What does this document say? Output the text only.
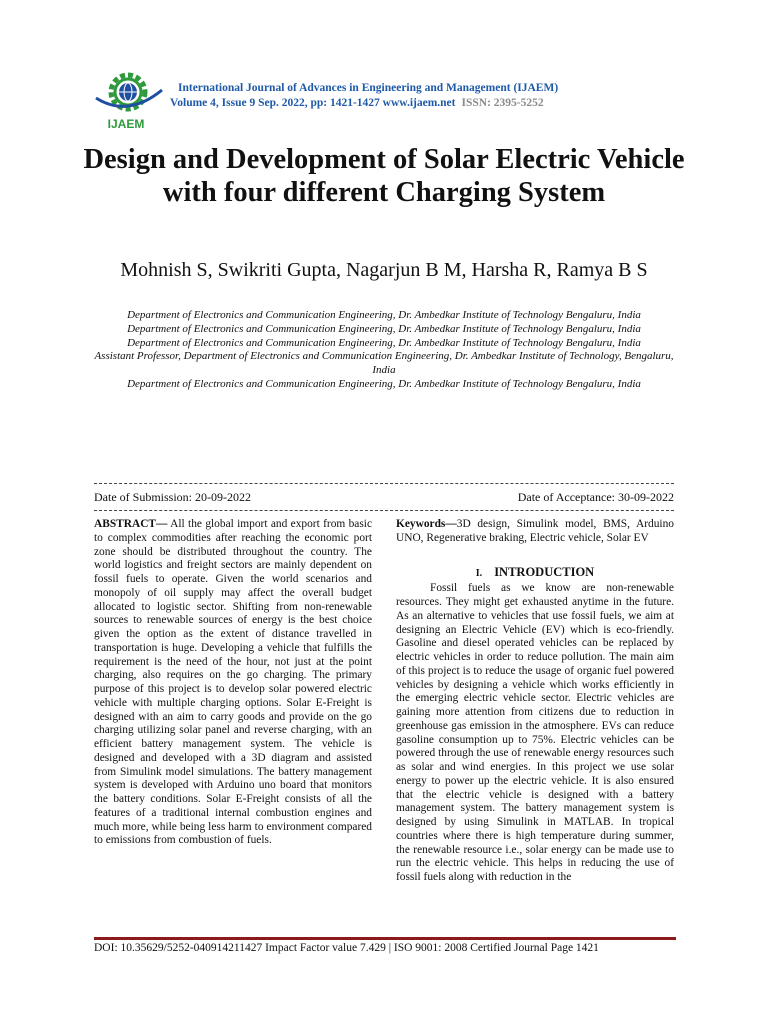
IJAEM
International Journal of Advances in Engineering and Management (IJAEM)
Volume 4, Issue 9 Sep. 2022, pp: 1421-1427 www.ijaem.net ISSN: 2395-5252
Design and Development of Solar Electric Vehicle with four different Charging System
Mohnish S, Swikriti Gupta, Nagarjun B M, Harsha R, Ramya B S

Department of Electronics and Communication Engineering, Dr. Ambedkar Institute of Technology Bengaluru, India

Department of Electronics and Communication Engineering, Dr. Ambedkar Institute of Technology Bengaluru, India

Department of Electronics and Communication Engineering, Dr. Ambedkar Institute of Technology Bengaluru, India

Assistant Professor, Department of Electronics and Communication Engineering, Dr. Ambedkar Institute of Technology, Bengaluru, India

Department of Electronics and Communication Engineering, Dr. Ambedkar Institute of Technology Bengaluru, India

Date of Submission: 20-09-2022	Date of Acceptance: 30-09-2022

ABSTRACT— All the global import and export from basic to complex commodities after reaching the economic port zone should be distributed throughout the country. The world logistics and freight sectors are mainly dependent on fossil fuels to operate. Given the world scenarios and monopoly of oil supply may affect the overall budget allocated to logistic sector. Shifting from non-renewable sources to renewable sources of energy is the best choice given the option as the extent of distance travelled in transportation is huge. Developing a vehicle that fulfills the requirement is the need of the hour, not just at the point charging, also requires on the go charging. The primary purpose of this project is to develop solar powered electric vehicle with multiple charging options. Solar E-Freight is designed with an aim to carry goods and provide on the go charging utilizing solar panel and reverse charging, with an efficient battery management system. The vehicle is designed and developed with a 3D diagram and assisted from Simulink model simulations. The battery management system is developed with Arduino uno board that monitors the battery conditions. Solar E-Freight consists of all the features of a traditional internal combustion engines and much more, while being less harm to environment compared to emissions from combustion of fuels.

Keywords—3D design, Simulink model, BMS, Arduino UNO, Regenerative braking, Electric vehicle, Solar EV

I. INTRODUCTION

Fossil fuels as we know are non-renewable resources. They might get exhausted anytime in the future. As an alternative to vehicles that use fossil fuels, we aim at designing an Electric Vehicle (EV) which is eco-friendly. Gasoline and diesel operated vehicles can be replaced by electric vehicles in order to reduce pollution. The main aim of this project is to reduce the usage of organic fuel powered vehicles by designing a vehicle which works efficiently in the emerging electric vehicle sector. Electric vehicles are gaining more attention from citizens due to reduction in greenhouse gas emission in the atmosphere. EVs can reduce gasoline consumption up to 75%. Electric vehicles can be powered through the use of renewable energy resources such as solar and wind energies. In this project we use solar energy to power up the electric vehicle. It is also ensured that the electric vehicle is designed with a battery management system. The battery management system is designed by using Simulink in MATLAB. In tropical countries where there is high temperature during summer, the renewable resource i.e., solar energy can be made use to run the electric vehicle. This helps in reducing the use of fossil fuels along with reduction in the

DOI: 10.35629/5252-040914211427 Impact Factor value 7.429 | ISO 9001: 2008 Certified Journal Page 1421
